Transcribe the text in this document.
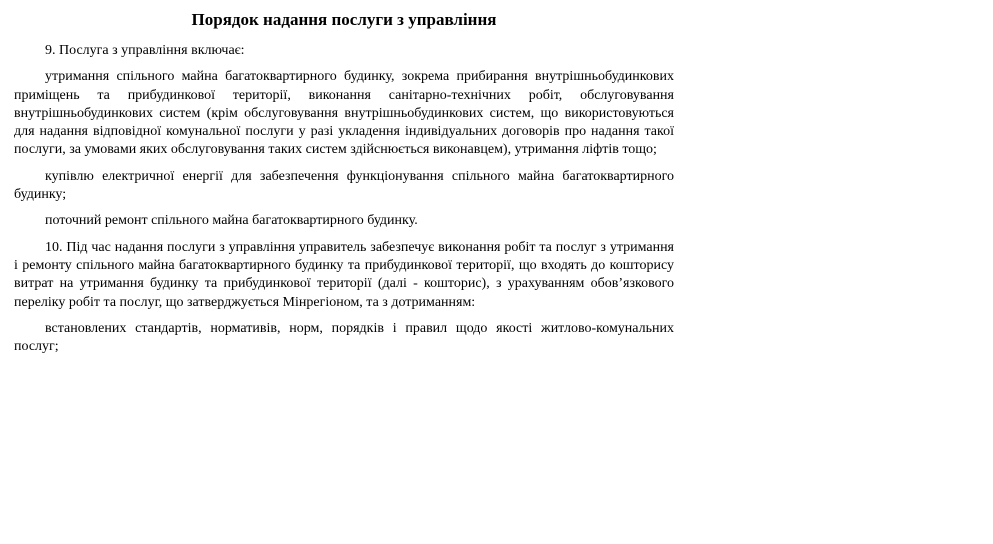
Порядок надання послуги з управління

9. Послуга з управління включає:

утримання спільного майна багатоквартирного будинку, зокрема прибирання внутрішньобудинкових приміщень та прибудинкової території, виконання санітарно-технічних робіт, обслуговування внутрішньобудинкових систем (крім обслуговування внутрішньобудинкових систем, що використовуються для надання відповідної комунальної послуги у разі укладення індивідуальних договорів про надання такої послуги, за умовами яких обслуговування таких систем здійснюється виконавцем), утримання ліфтів тощо;

купівлю електричної енергії для забезпечення функціонування спільного майна багатоквартирного будинку;

поточний ремонт спільного майна багатоквартирного будинку.

10. Під час надання послуги з управління управитель забезпечує виконання робіт та послуг з утримання і ремонту спільного майна багатоквартирного будинку та прибудинкової території, що входять до кошторису витрат на утримання будинку та прибудинкової території (далі - кошторис), з урахуванням обов’язкового переліку робіт та послуг, що затверджується Мінрегіоном, та з дотриманням:

встановлених стандартів, нормативів, норм, порядків і правил щодо якості житлово-комунальних послуг;
